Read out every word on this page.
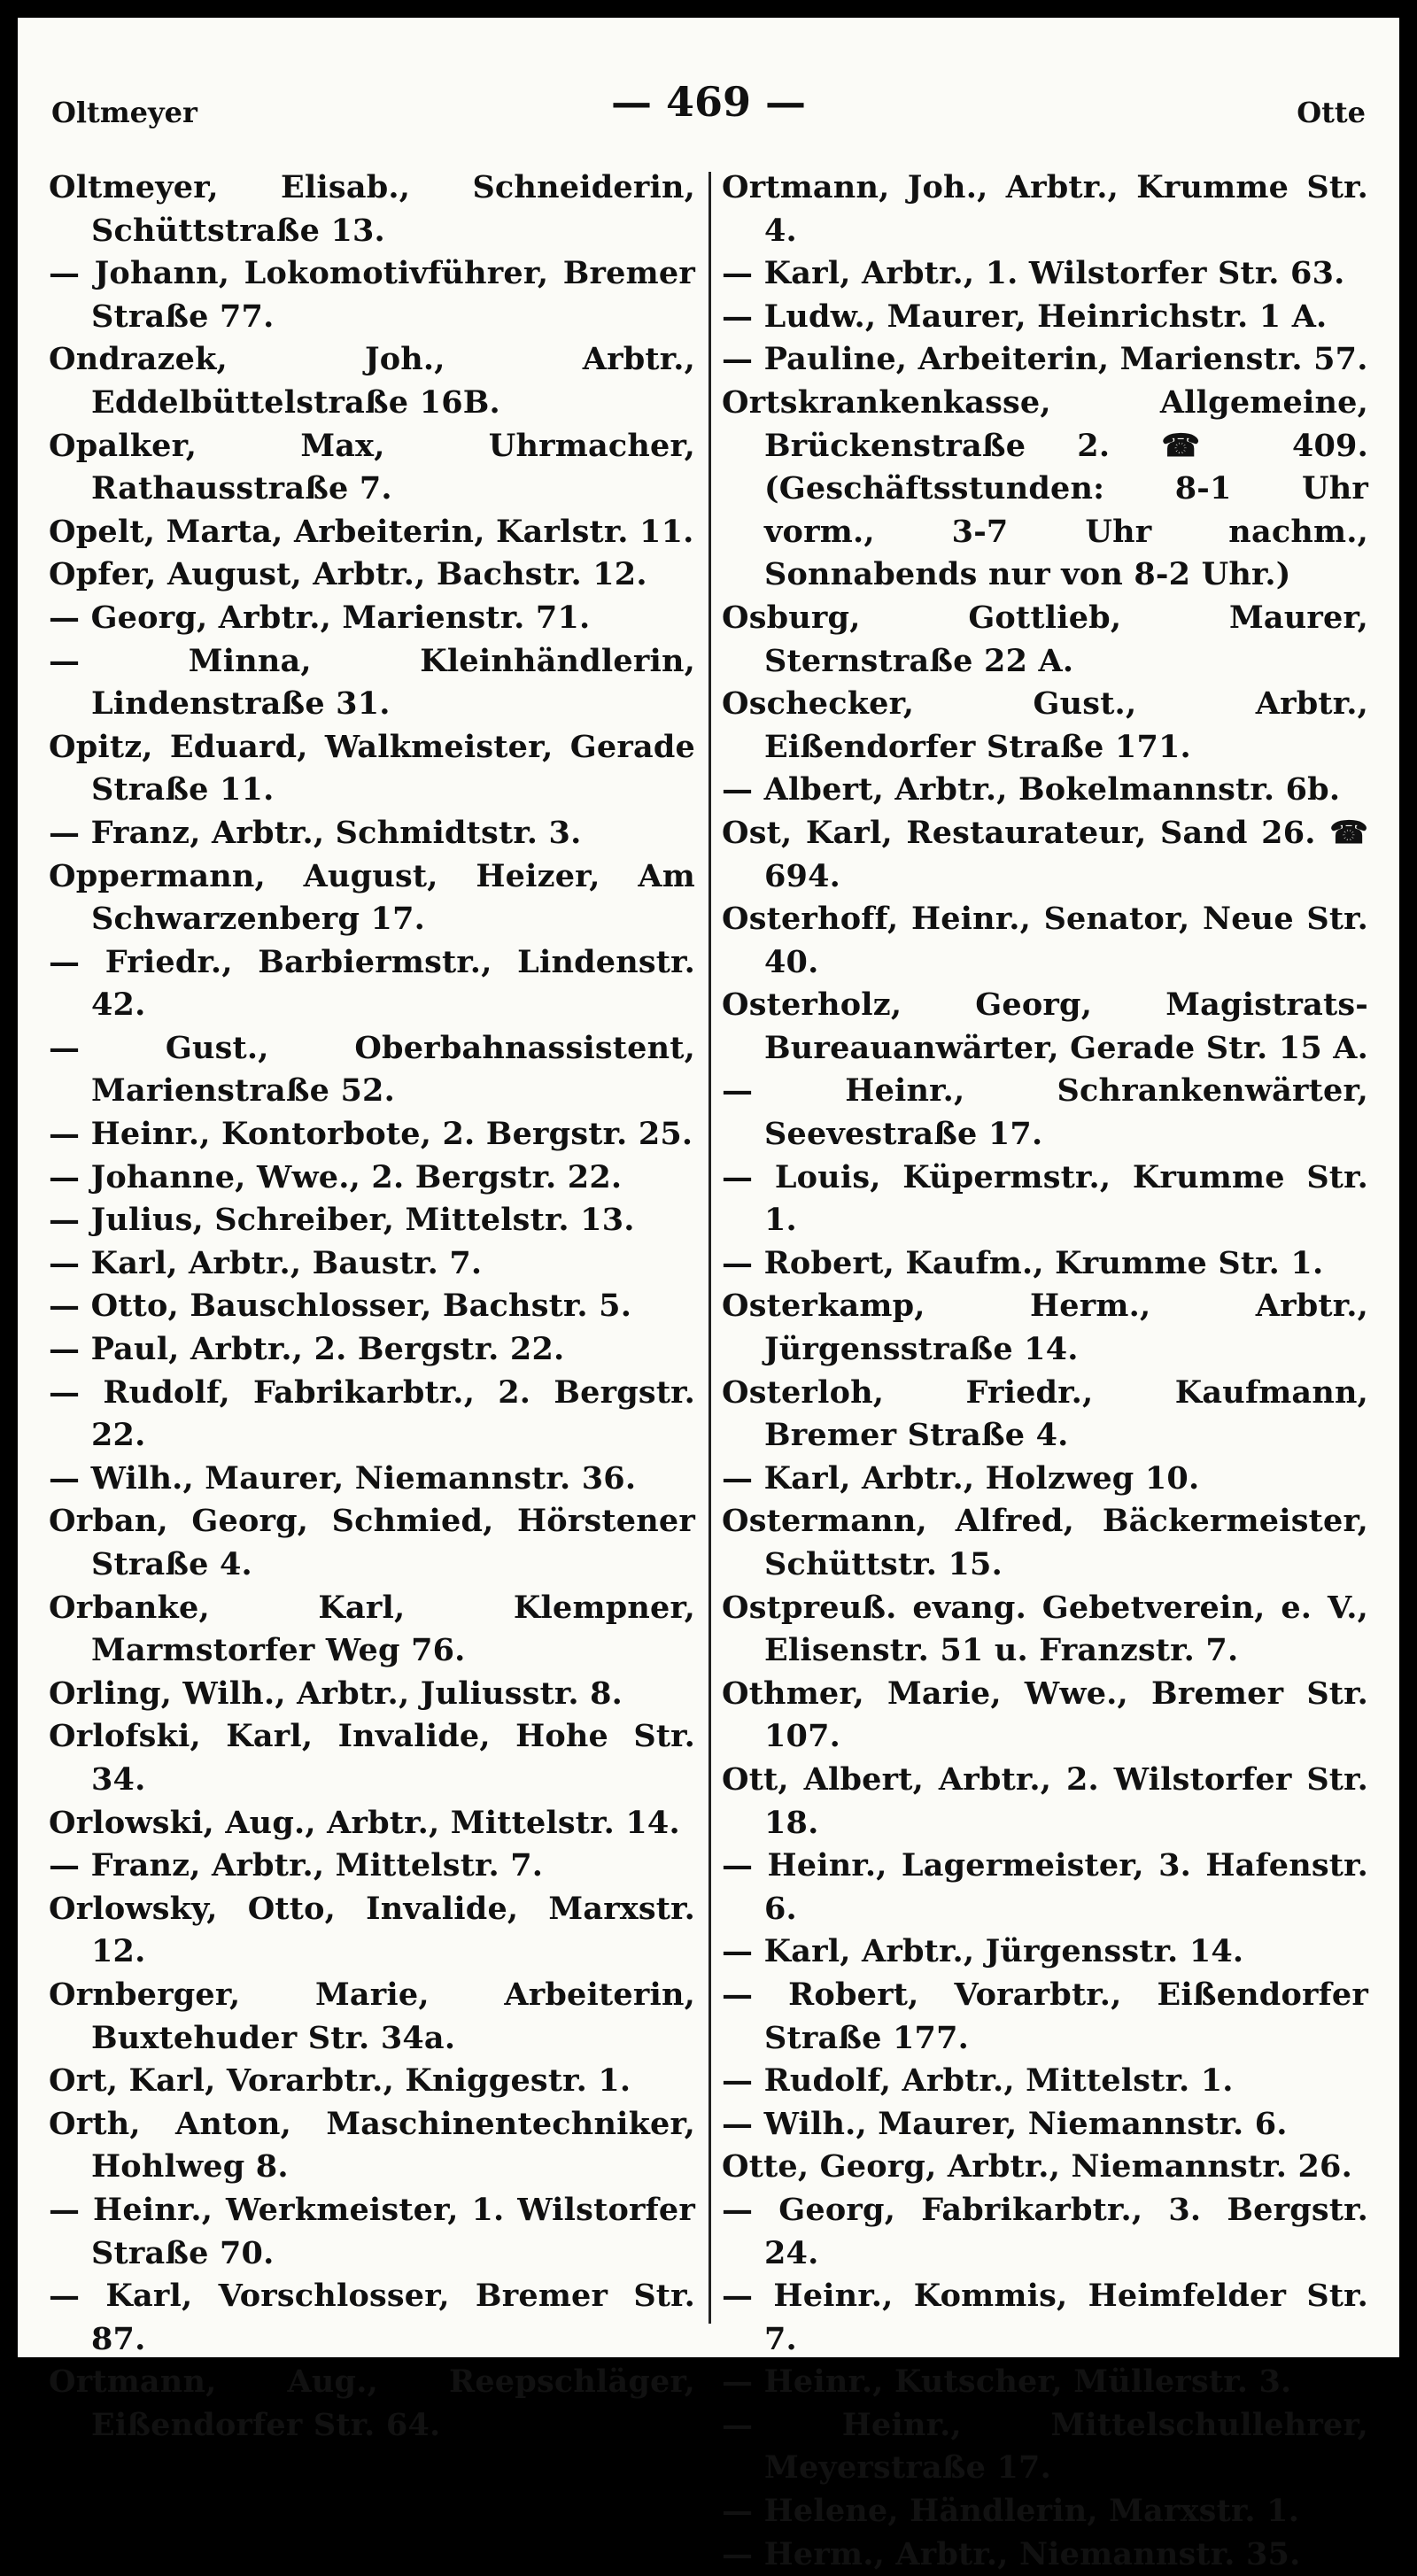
Oltmeyer	— 469 —	Otte

Oltmeyer, Elisab., Schneiderin, Schüttstraße 13.

— Johann, Lokomotivführer, Bremer Straße 77.

Ondrazek, Joh., Arbtr., Eddelbüttelstraße 16B.

Opalker, Max, Uhrmacher, Rathausstraße 7.

Opelt, Marta, Arbeiterin, Karlstr. 11.

Opfer, August, Arbtr., Bachstr. 12.

— Georg, Arbtr., Marienstr. 71.

— Minna, Kleinhändlerin, Lindenstraße 31.

Opitz, Eduard, Walkmeister, Gerade Straße 11.

— Franz, Arbtr., Schmidtstr. 3.

Oppermann, August, Heizer, Am Schwarzenberg 17.

— Friedr., Barbiermstr., Lindenstr. 42.

— Gust., Oberbahnassistent, Marienstraße 52.

— Heinr., Kontorbote, 2. Bergstr. 25.

— Johanne, Wwe., 2. Bergstr. 22.

— Julius, Schreiber, Mittelstr. 13.

— Karl, Arbtr., Baustr. 7.

— Otto, Bauschlosser, Bachstr. 5.

— Paul, Arbtr., 2. Bergstr. 22.

— Rudolf, Fabrikarbtr., 2. Bergstr. 22.

— Wilh., Maurer, Niemannstr. 36.

Orban, Georg, Schmied, Hörstener Straße 4.

Orbanke, Karl, Klempner, Marmstorfer Weg 76.

Orling, Wilh., Arbtr., Juliusstr. 8.

Orlofski, Karl, Invalide, Hohe Str. 34.

Orlowski, Aug., Arbtr., Mittelstr. 14.

— Franz, Arbtr., Mittelstr. 7.

Orlowsky, Otto, Invalide, Marxstr. 12.

Ornberger, Marie, Arbeiterin, Buxtehuder Str. 34a.

Ort, Karl, Vorarbtr., Kniggestr. 1.

Orth, Anton, Maschinentechniker, Hohlweg 8.

— Heinr., Werkmeister, 1. Wilstorfer Straße 70.

— Karl, Vorschlosser, Bremer Str. 87.

Ortmann, Aug., Reepschläger, Eißendorfer Str. 64.

Ortmann, Joh., Arbtr., Krumme Str. 4.

— Karl, Arbtr., 1. Wilstorfer Str. 63.

— Ludw., Maurer, Heinrichstr. 1 A.

— Pauline, Arbeiterin, Marienstr. 57.

Ortskrankenkasse, Allgemeine, Brückenstraße 2. ☎ 409. (Geschäftsstunden: 8-1 Uhr vorm., 3-7 Uhr nachm., Sonnabends nur von 8-2 Uhr.)

Osburg, Gottlieb, Maurer, Sternstraße 22 A.

Oschecker, Gust., Arbtr., Eißendorfer Straße 171.

— Albert, Arbtr., Bokelmannstr. 6b.

Ost, Karl, Restaurateur, Sand 26. ☎ 694.

Osterhoff, Heinr., Senator, Neue Str. 40.

Osterholz, Georg, Magistrats-Bureauanwärter, Gerade Str. 15 A.

— Heinr., Schrankenwärter, Seevestraße 17.

— Louis, Küpermstr., Krumme Str. 1.

— Robert, Kaufm., Krumme Str. 1.

Osterkamp, Herm., Arbtr., Jürgensstraße 14.

Osterloh, Friedr., Kaufmann, Bremer Straße 4.

— Karl, Arbtr., Holzweg 10.

Ostermann, Alfred, Bäckermeister, Schüttstr. 15.

Ostpreuß. evang. Gebetverein, e. V., Elisenstr. 51 u. Franzstr. 7.

Othmer, Marie, Wwe., Bremer Str. 107.

Ott, Albert, Arbtr., 2. Wilstorfer Str. 18.

— Heinr., Lagermeister, 3. Hafenstr. 6.

— Karl, Arbtr., Jürgensstr. 14.

— Robert, Vorarbtr., Eißendorfer Straße 177.

— Rudolf, Arbtr., Mittelstr. 1.

— Wilh., Maurer, Niemannstr. 6.

Otte, Georg, Arbtr., Niemannstr. 26.

— Georg, Fabrikarbtr., 3. Bergstr. 24.

— Heinr., Kommis, Heimfelder Str. 7.

— Heinr., Kutscher, Müllerstr. 3.

— Heinr., Mittelschullehrer, Meyerstraße 17.

— Helene, Händlerin, Marxstr. 1.

— Herm., Arbtr., Niemannstr. 35.
